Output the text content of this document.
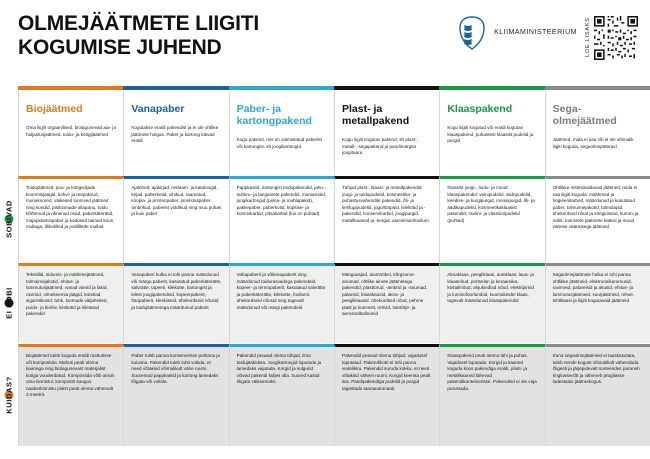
OLMEJÄÄTMETE LIIGITI
KOGUMISE JUHEND
KLIIMAMINISTEERIUM LOE LISAKS
Biojäätmed
Oma liigilt orgaanilised, biolagunevad aia- ja haljastusjäätmed, toidu- ja köögijäätmed
Vanapaber
Kogutakse eraldi pakendist ja ei ole ohtlike jäätmete hulgas. Paber ja kartong käivad eraldi
Paber- ja kartongpakend
Kogu pakend, mis on valmistatud paberist või kartongist, sh joogikartongid
Plast- ja metallpakend
Kogu liigiti kogutav pakend, sh plast-, metall-, segapakend ja pandimärgita joogitaara
Klaaspakend
Kogu liigiti kogutud või eraldi kogutav klaaspakend, puhastest klaasist pudelid ja purgid
Sega-olmejäätmed
Jäätmed, mida ei saa või ei ole võimalik liigiti koguda, segaolmejäätmed
SOBIVAD
Toidujäätmed, puu- ja köögiviljade koorimisjäägid, kohvi- ja teepaksud, munakoored, väikesed loomsed jäätmed ning kondid, pisiloomade allapanu, toidu kõrbenud ja riknenud osad, paberkäterätid, majapidamispaber ja kodused taimed koos mullaga, lõikelilled ja potilillede mullad
Ajalehed, ajakirjad, reklaam- ja kataloogid, kirjad, paberkotid, vihikud, raamatud, koopia- ja printeripaber, joonistuspaber, ümbrikud, paberist voldikud ning muu puhas ja kuiv paber
Pappkastid, kartongist toidupakendid, jahu-, suhkru- ja tangainete pakendid, munarestid, joogikartongid (piima- ja mahlapakid), pakkepaber, paberkotid, küpsise- ja kommikarbid, pitsakarbid (kui on puhtad)
Tühjad plast-, klaasi- ja metallpakendid: joogi- ja toidupudelid, kosmeetika- ja puhastusvahendite pakendid, õli- ja ketšupipudelid, jogurtitopsid, kilekotid ja -pakendid, konservikarbid, joogipurgid, metallkaaned ja -korgid, alumiiniumfoolium
Klaasist joogi-, toidu- ja muud klaaspakendid: veinipudelid, siidripudelid, keedise- ja kurgipurgid, moosipurgid, õli- ja äädikapudelid, kosmeetikaklaasist pakendid, ravimi- ja vitamiinipudelid (puhtad)
Ohtlikke mittesisaldavad jäätmed, mida ei saa liigiti koguda: mähkmed ja hügieenitarbed, määrdunud ja kasutatud paber, tolmuimejakotid, tolmulapid, ühekordsed nõud ja söögiriistad, kummi ja nahk, loomsete jäätmete katted ja muud vähese väärtusega jäätmed
EI SOBI
Tekstiilid, sidumis- ja mähkmejäätmed, tolmuimejakotid, ehitus- ja lammutusjäätmed, vanad värvid ja lakid, ravimid, olmekeemia jäägid, küünlad, sigaretikonid, tuhk, loomade väljaheited, puidu- ja kiviliiv, kilekotid ja kiletatud pakendid
Vanapaberi hulka ei tohi panna määrdunud või märga paberit, kasutatud paberkäterätte, salvrätte, tapeeti, kilekotte, kartongist ja kilest joogipakendeid, kopeerpaberit, fotopaberit, kleebiseid, ühekordseid nõusid ja toidujäätmetega määrdunud paberit
Vahapaberit ja võileivapaberit ning määrdunud toidurasvadega pakendeid, kopeer- ja termopaberit, kasutatud salvrätte ja paberkäterätte, kilekotte, fooliumi, ühekordseid nõusid ning tugevalt määrdunud või märgi pakendeid
Mänguasjad, aiamööbel, kõrgsurve-anumad, ohtlike ainete jäätmetega pakendid, plasttorud, -ämbrid ja -anumad, patareid, klaaskausid, akna- ja peegliklaasid, ühekordsed nõud, pehme plast ja kummist, rehvid, tuletõrje- ja aerosoolballoonid
Aknaklaas, peegliklaas, autoklaas, laua- ja klaasnõud, portselan ja keraamika, kristallnõud, ahjukindlad nõud, elektripirnid ja luminofoorlambid, kuumakindel klaas, tugevalt määrdunud klaaspakendid
Segaolmejäätmete hulka ei tohi panna ohtlikke jäätmeid, elektroonikaromusid, ravimeid, patareisid ja akusid, ehitus- ja lammutusjäätmeid, suurjäätmeid, rehve, lehtklaasi ja liigiti kogutavaid jäätmeid
KUIDAS?
Biojäätmed tuleb koguda eraldi mahutisse või kompostida. Mahuti peab olema kaanega ning biolagunevast materjalist kotiga vooderdatud. Kompostida võib ainult oma kinnistul, kompostri kaugus naaberkinnistu piirist peab olema vähemalt 3 meetrit.
Paber tuleb panna konteinerisse puhtana ja kuivana. Pakendid tuleb lahti voltida, et need võtaksid võimalikult vähe ruumi. Suuremad pappkastid ja kartong lamedaks lõigata või voltida.
Pakendid peavad olema tühjad, ilma toidujääkideta. Joogikartongid loputada ja lamedaks vajutada. Korgid ja sulgurid võivad pakendi küljes olla. Suured kastid lõigata väiksemaks.
Pakendid peavad olema tühjad, vajadusel loputatud. Pakendikotti ei tohi panna vedelikku. Pakendid suruda kokku, et need võtaksid vähem ruumi. Korgid keerata pealt ära. Pandipakendiga pudelid ja purgid tagastada taaraautomaati.
Klaaspakend peab olema tühi ja puhas. Vajadusel loputada. Korgid ja kaaned koguda koos pakendiga eraldi, plast- ja metallkaaned lähevad pakendikonteinerisse. Pakendeid ei ole vaja purustada.
Kuna segaolmejäätmeid ei taaskasutata, tuleb nende kogust võimalikult vähendada. Õigesti ja järjepidevalt sorteerides paraneb ringlussevõtt ja väheneb prügilasse ladestatav jäätmekogus.
